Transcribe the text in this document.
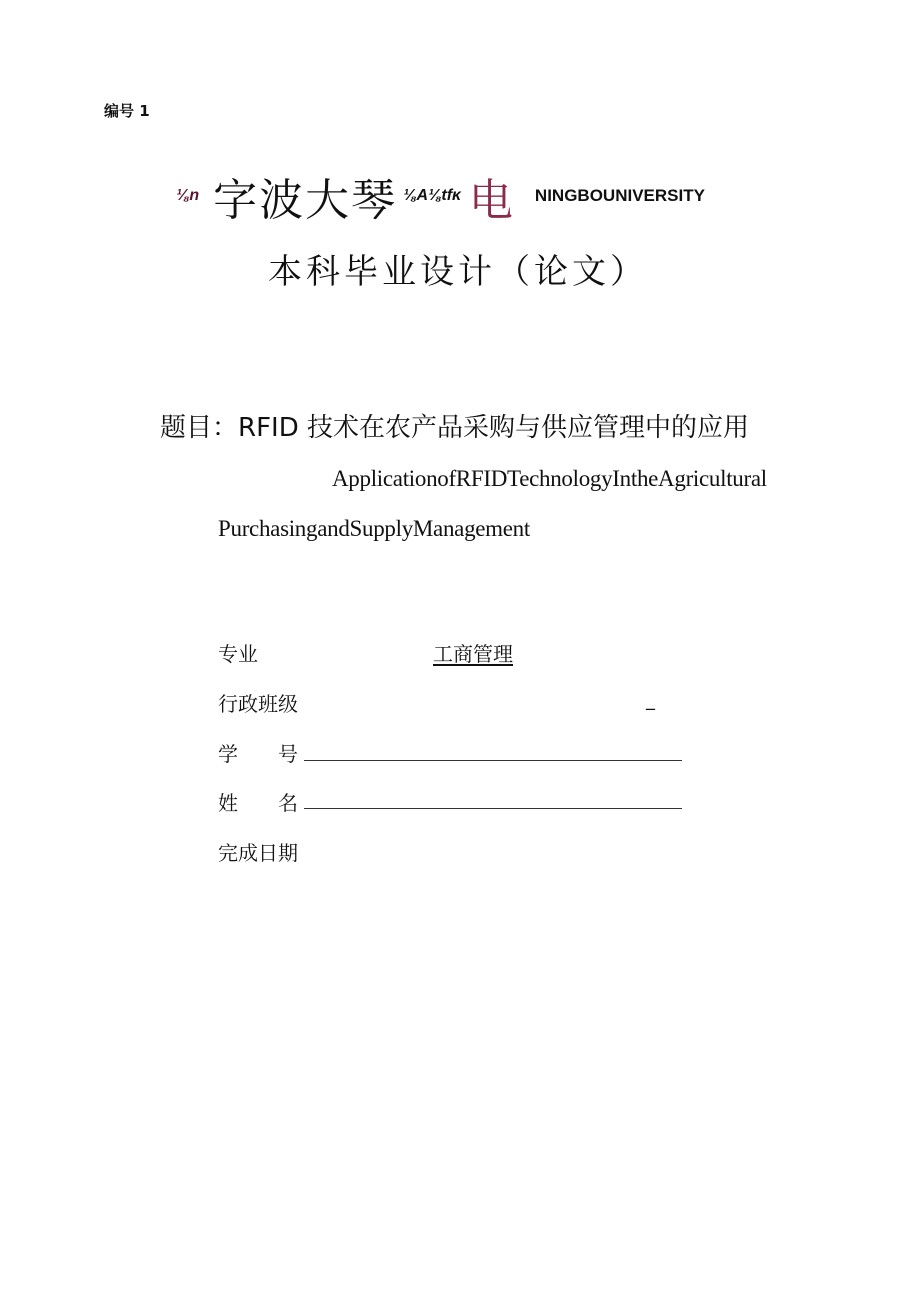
编号 1
⅛n 字波大琴 ⅛A⅛tfĸ 电 NINGBOUNIVERSITY
本科毕业设计（论文）
题目：RFID 技术在农产品采购与供应管理中的应用
ApplicationofRFIDTechnologyIntheAgricultural
PurchasingandSupplyManagement
专业	工商管理
行政班级	_
学　　号
姓　　名
完成日期
